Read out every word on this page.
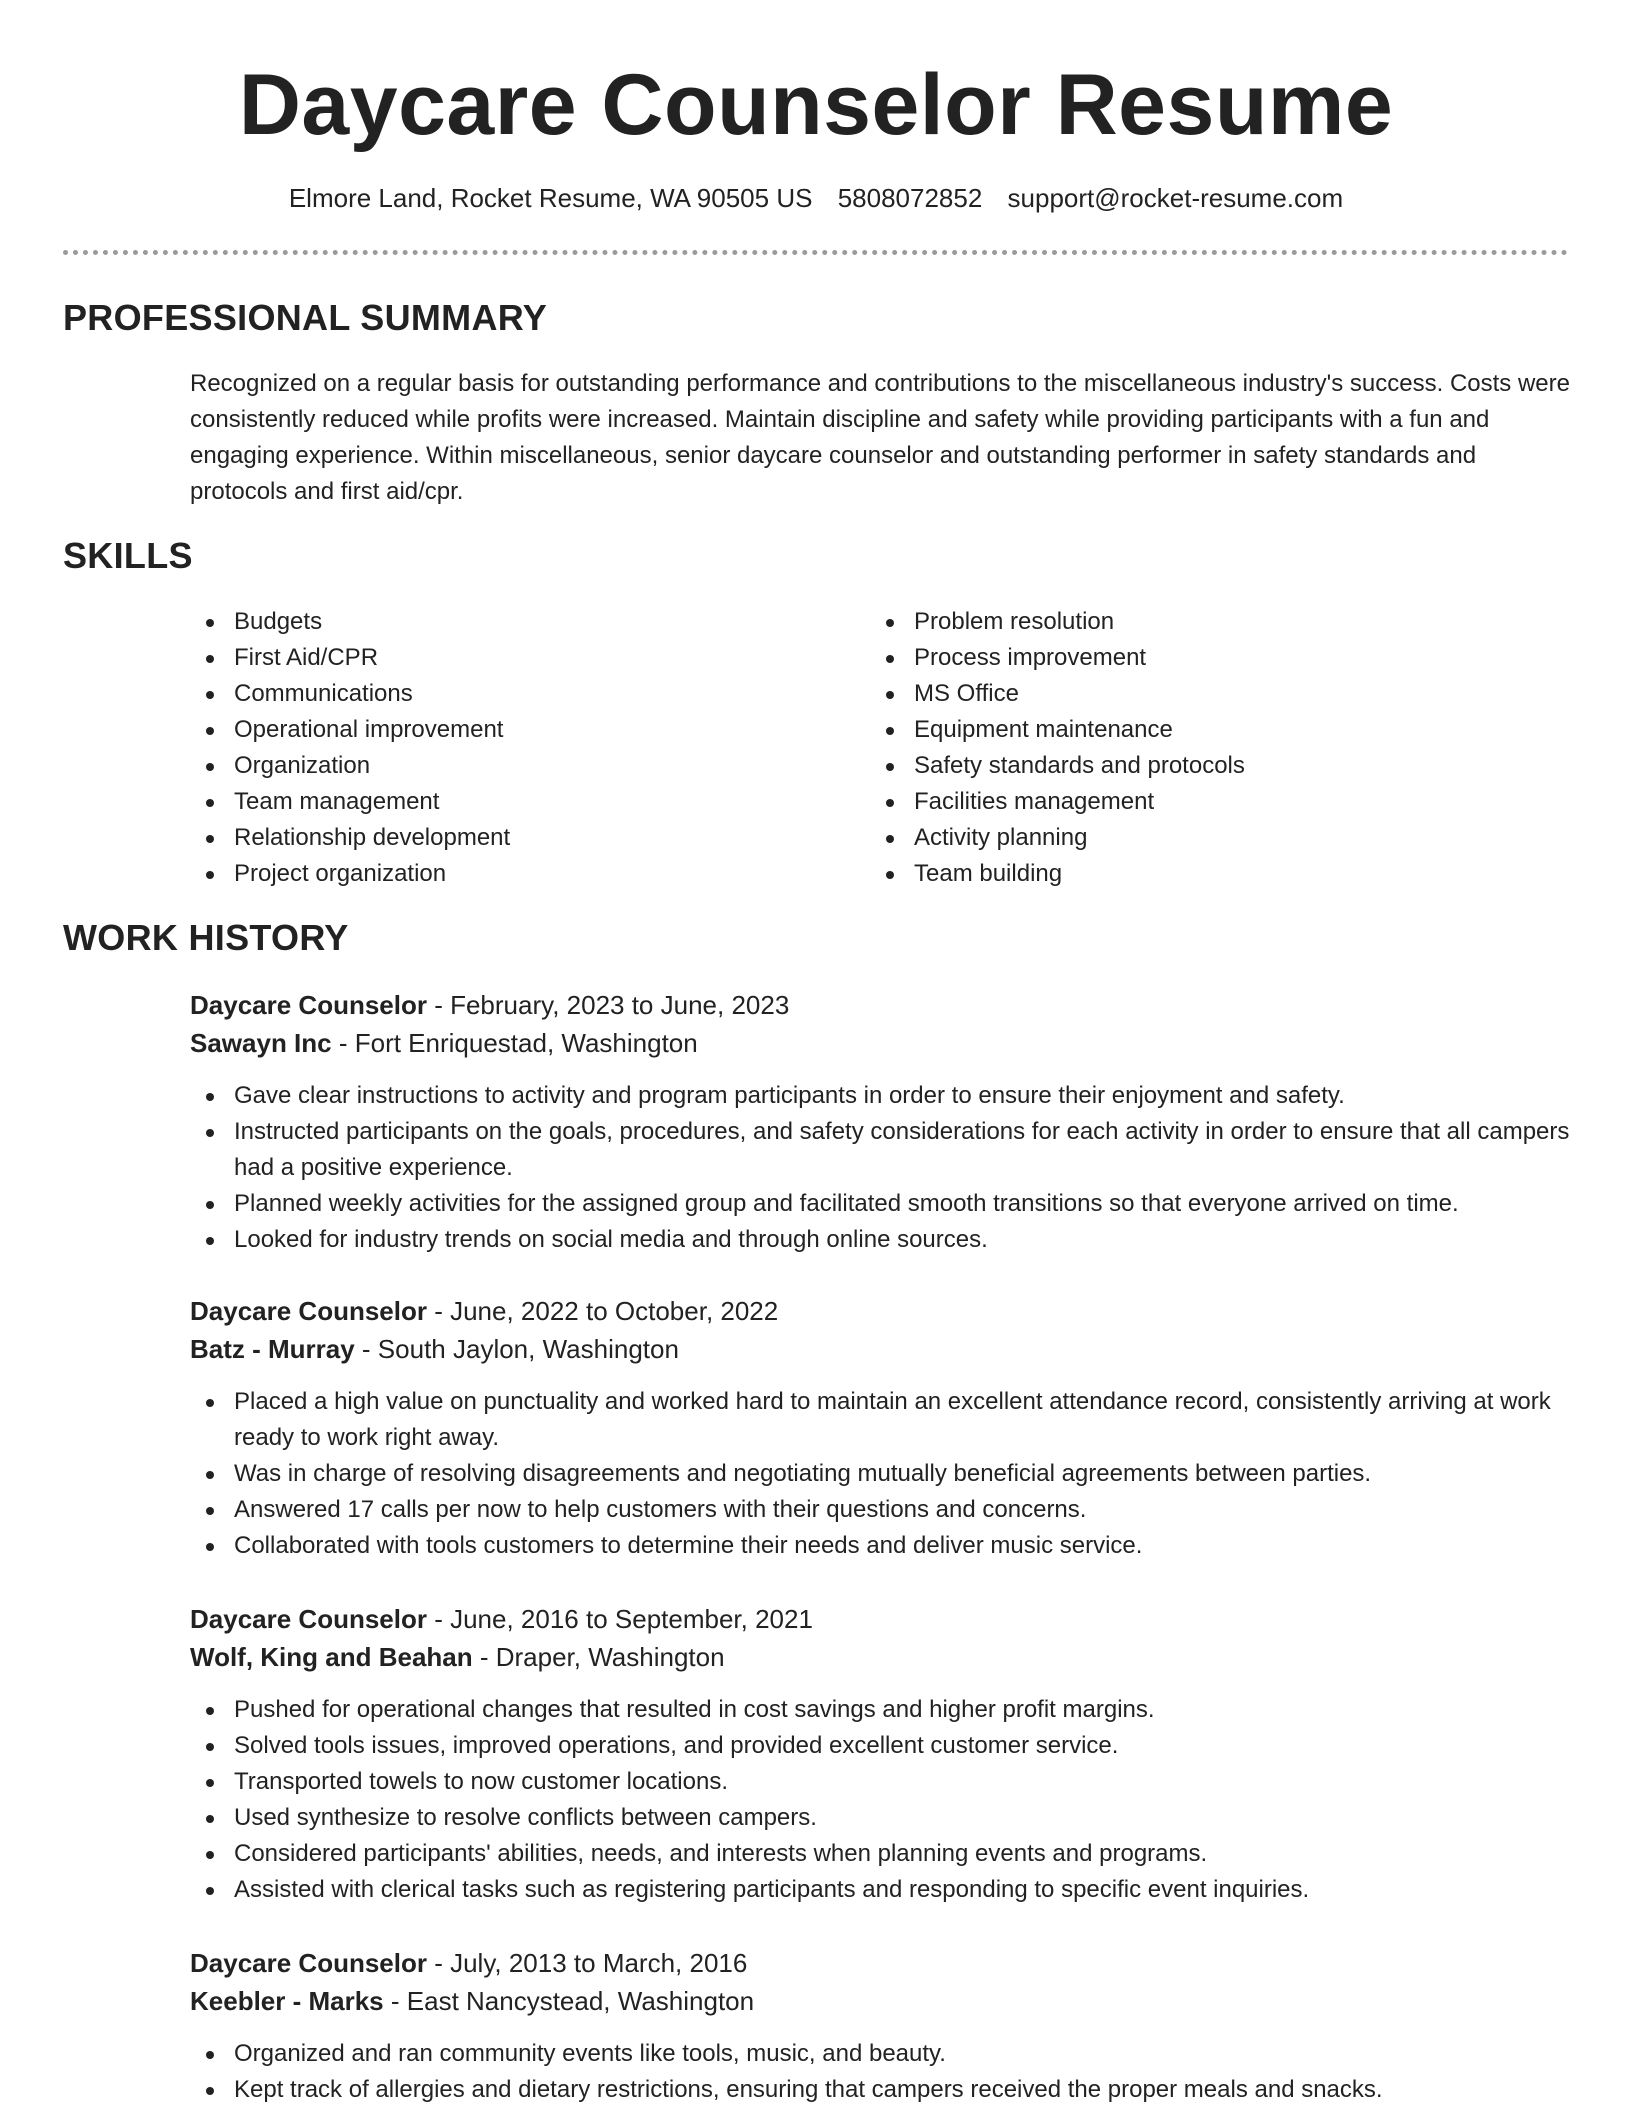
Daycare Counselor Resume
Elmore Land, Rocket Resume, WA 90505 US 5808072852 support@rocket-resume.com
PROFESSIONAL SUMMARY

Recognized on a regular basis for outstanding performance and contributions to the miscellaneous industry's success. Costs were consistently reduced while profits were increased. Maintain discipline and safety while providing participants with a fun and engaging experience. Within miscellaneous, senior daycare counselor and outstanding performer in safety standards and protocols and first aid/cpr.

SKILLS
Budgets
First Aid/CPR
Communications
Operational improvement
Organization
Team management
Relationship development
Project organization
Problem resolution
Process improvement
MS Office
Equipment maintenance
Safety standards and protocols
Facilities management
Activity planning
Team building
WORK HISTORY
Daycare Counselor - February, 2023 to June, 2023
Sawayn Inc - Fort Enriquestad, Washington
Gave clear instructions to activity and program participants in order to ensure their enjoyment and safety.
Instructed participants on the goals, procedures, and safety considerations for each activity in order to ensure that all campers had a positive experience.
Planned weekly activities for the assigned group and facilitated smooth transitions so that everyone arrived on time.
Looked for industry trends on social media and through online sources.
Daycare Counselor - June, 2022 to October, 2022
Batz - Murray - South Jaylon, Washington
Placed a high value on punctuality and worked hard to maintain an excellent attendance record, consistently arriving at work ready to work right away.
Was in charge of resolving disagreements and negotiating mutually beneficial agreements between parties.
Answered 17 calls per now to help customers with their questions and concerns.
Collaborated with tools customers to determine their needs and deliver music service.
Daycare Counselor - June, 2016 to September, 2021
Wolf, King and Beahan - Draper, Washington
Pushed for operational changes that resulted in cost savings and higher profit margins.
Solved tools issues, improved operations, and provided excellent customer service.
Transported towels to now customer locations.
Used synthesize to resolve conflicts between campers.
Considered participants' abilities, needs, and interests when planning events and programs.
Assisted with clerical tasks such as registering participants and responding to specific event inquiries.
Daycare Counselor - July, 2013 to March, 2016
Keebler - Marks - East Nancystead, Washington
Organized and ran community events like tools, music, and beauty.
Kept track of allergies and dietary restrictions, ensuring that campers received the proper meals and snacks.
